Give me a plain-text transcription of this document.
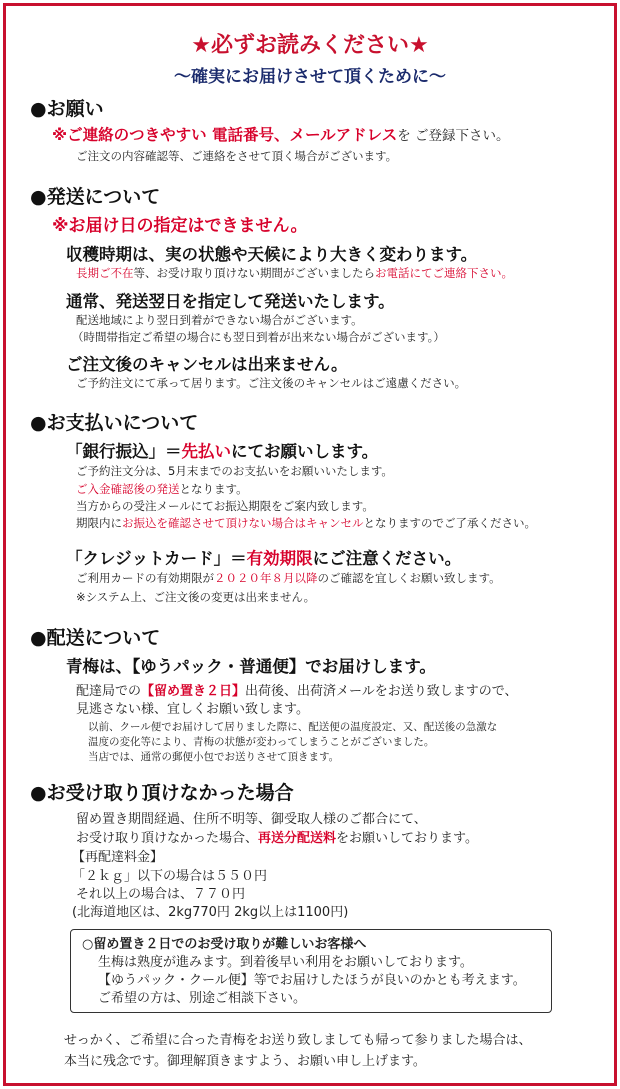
★必ずお読みください★
～確実にお届けさせて頂くために～
●お願い
※ご連絡のつきやすい 電話番号、メールアドレスを ご登録下さい。
ご注文の内容確認等、ご連絡をさせて頂く場合がございます。
●発送について
※お届け日の指定はできません。
収穫時期は、実の状態や天候により大きく変わります。
長期ご不在等、お受け取り頂けない期間がございましたらお電話にてご連絡下さい。
通常、発送翌日を指定して発送いたします。
配送地域により翌日到着ができない場合がございます。
（時間帯指定ご希望の場合にも翌日到着が出来ない場合がございます。）
ご注文後のキャンセルは出来ません。
ご予約注文にて承って居ります。ご注文後のキャンセルはご遠慮ください。
●お支払いについて
「銀行振込」＝先払いにてお願いします。
ご予約注文分は、5月末までのお支払いをお願いいたします。
ご入金確認後の発送となります。
当方からの受注メールにてお振込期限をご案内致します。
期限内にお振込を確認させて頂けない場合はキャンセルとなりますのでご了承ください。
「クレジットカード」＝有効期限にご注意ください。
ご利用カードの有効期限が２０２０年８月以降のご確認を宜しくお願い致します。
※システム上、ご注文後の変更は出来ません。
●配送について
青梅は、【ゆうパック・普通便】でお届けします。
配達局での【留め置き２日】出荷後、出荷済メールをお送り致しますので、
見逃さない様、宜しくお願い致します。
以前、クール便でお届けして居りました際に、配送便の温度設定、又、配送後の急激な
温度の変化等により、青梅の状態が変わってしまうことがございました。
当店では、通常の郵便小包でお送りさせて頂きます。
●お受け取り頂けなかった場合
留め置き期間経過、住所不明等、御受取人様のご都合にて、
お受け取り頂けなかった場合、再送分配送料をお願いしております。
【再配達料金】
「２ｋｇ」以下の場合は５５０円
それ以上の場合は、７７０円
(北海道地区は、2kg770円 2kg以上は1100円)
○留め置き２日でのお受け取りが難しいお客様へ
生梅は熟度が進みます。到着後早い利用をお願いしております。
【ゆうパック・クール便】等でお届けしたほうが良いのかとも考えます。
ご希望の方は、別途ご相談下さい。
せっかく、ご希望に合った青梅をお送り致しましても帰って参りました場合は、
本当に残念です。御理解頂きますよう、お願い申し上げます。
